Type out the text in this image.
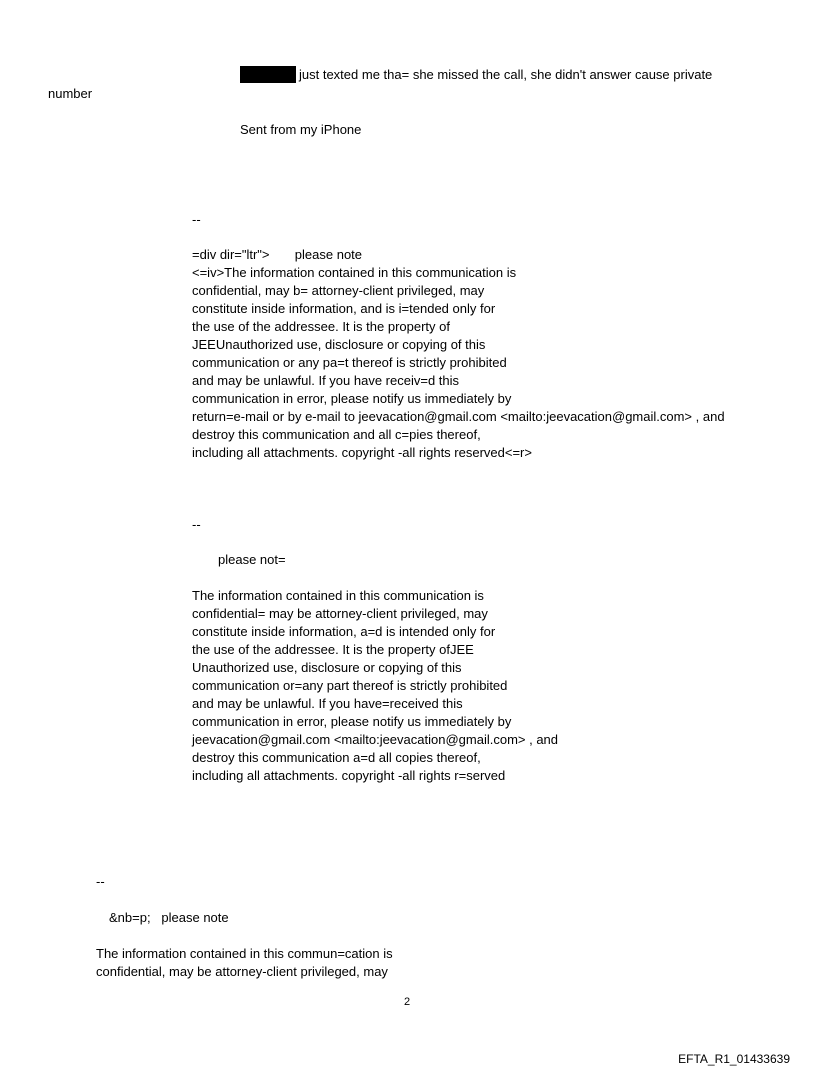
just texted me tha= she missed the call, she didn't answer cause private

number

Sent from my iPhone

--

=div dir="ltr">       please note

<=iv>The information contained in this communication is

confidential, may b= attorney-client privileged, may

constitute inside information, and is i=tended only for

the use of the addressee. It is the property of

JEEUnauthorized use, disclosure or copying of this

communication or any pa=t thereof is strictly prohibited

and may be unlawful. If you have receiv=d this

communication in error, please notify us immediately by

return=e-mail or by e-mail to jeevacation@gmail.com <mailto:jeevacation@gmail.com> , and

destroy this communication and all c=pies thereof,

including all attachments. copyright -all rights reserved<=r>

--

please not=

The information contained in this communication is

confidential= may be attorney-client privileged, may

constitute inside information, a=d is intended only for

the use of the addressee. It is the property ofJEE

Unauthorized use, disclosure or copying of this

communication or=any part thereof is strictly prohibited

and may be unlawful. If you have=received this

communication in error, please notify us immediately by

jeevacation@gmail.com <mailto:jeevacation@gmail.com> , and

destroy this communication a=d all copies thereof,

including all attachments. copyright -all rights r=served

--

&nb=p;   please note

The information contained in this commun=cation is

confidential, may be attorney-client privileged, may

2
EFTA_R1_01433639
